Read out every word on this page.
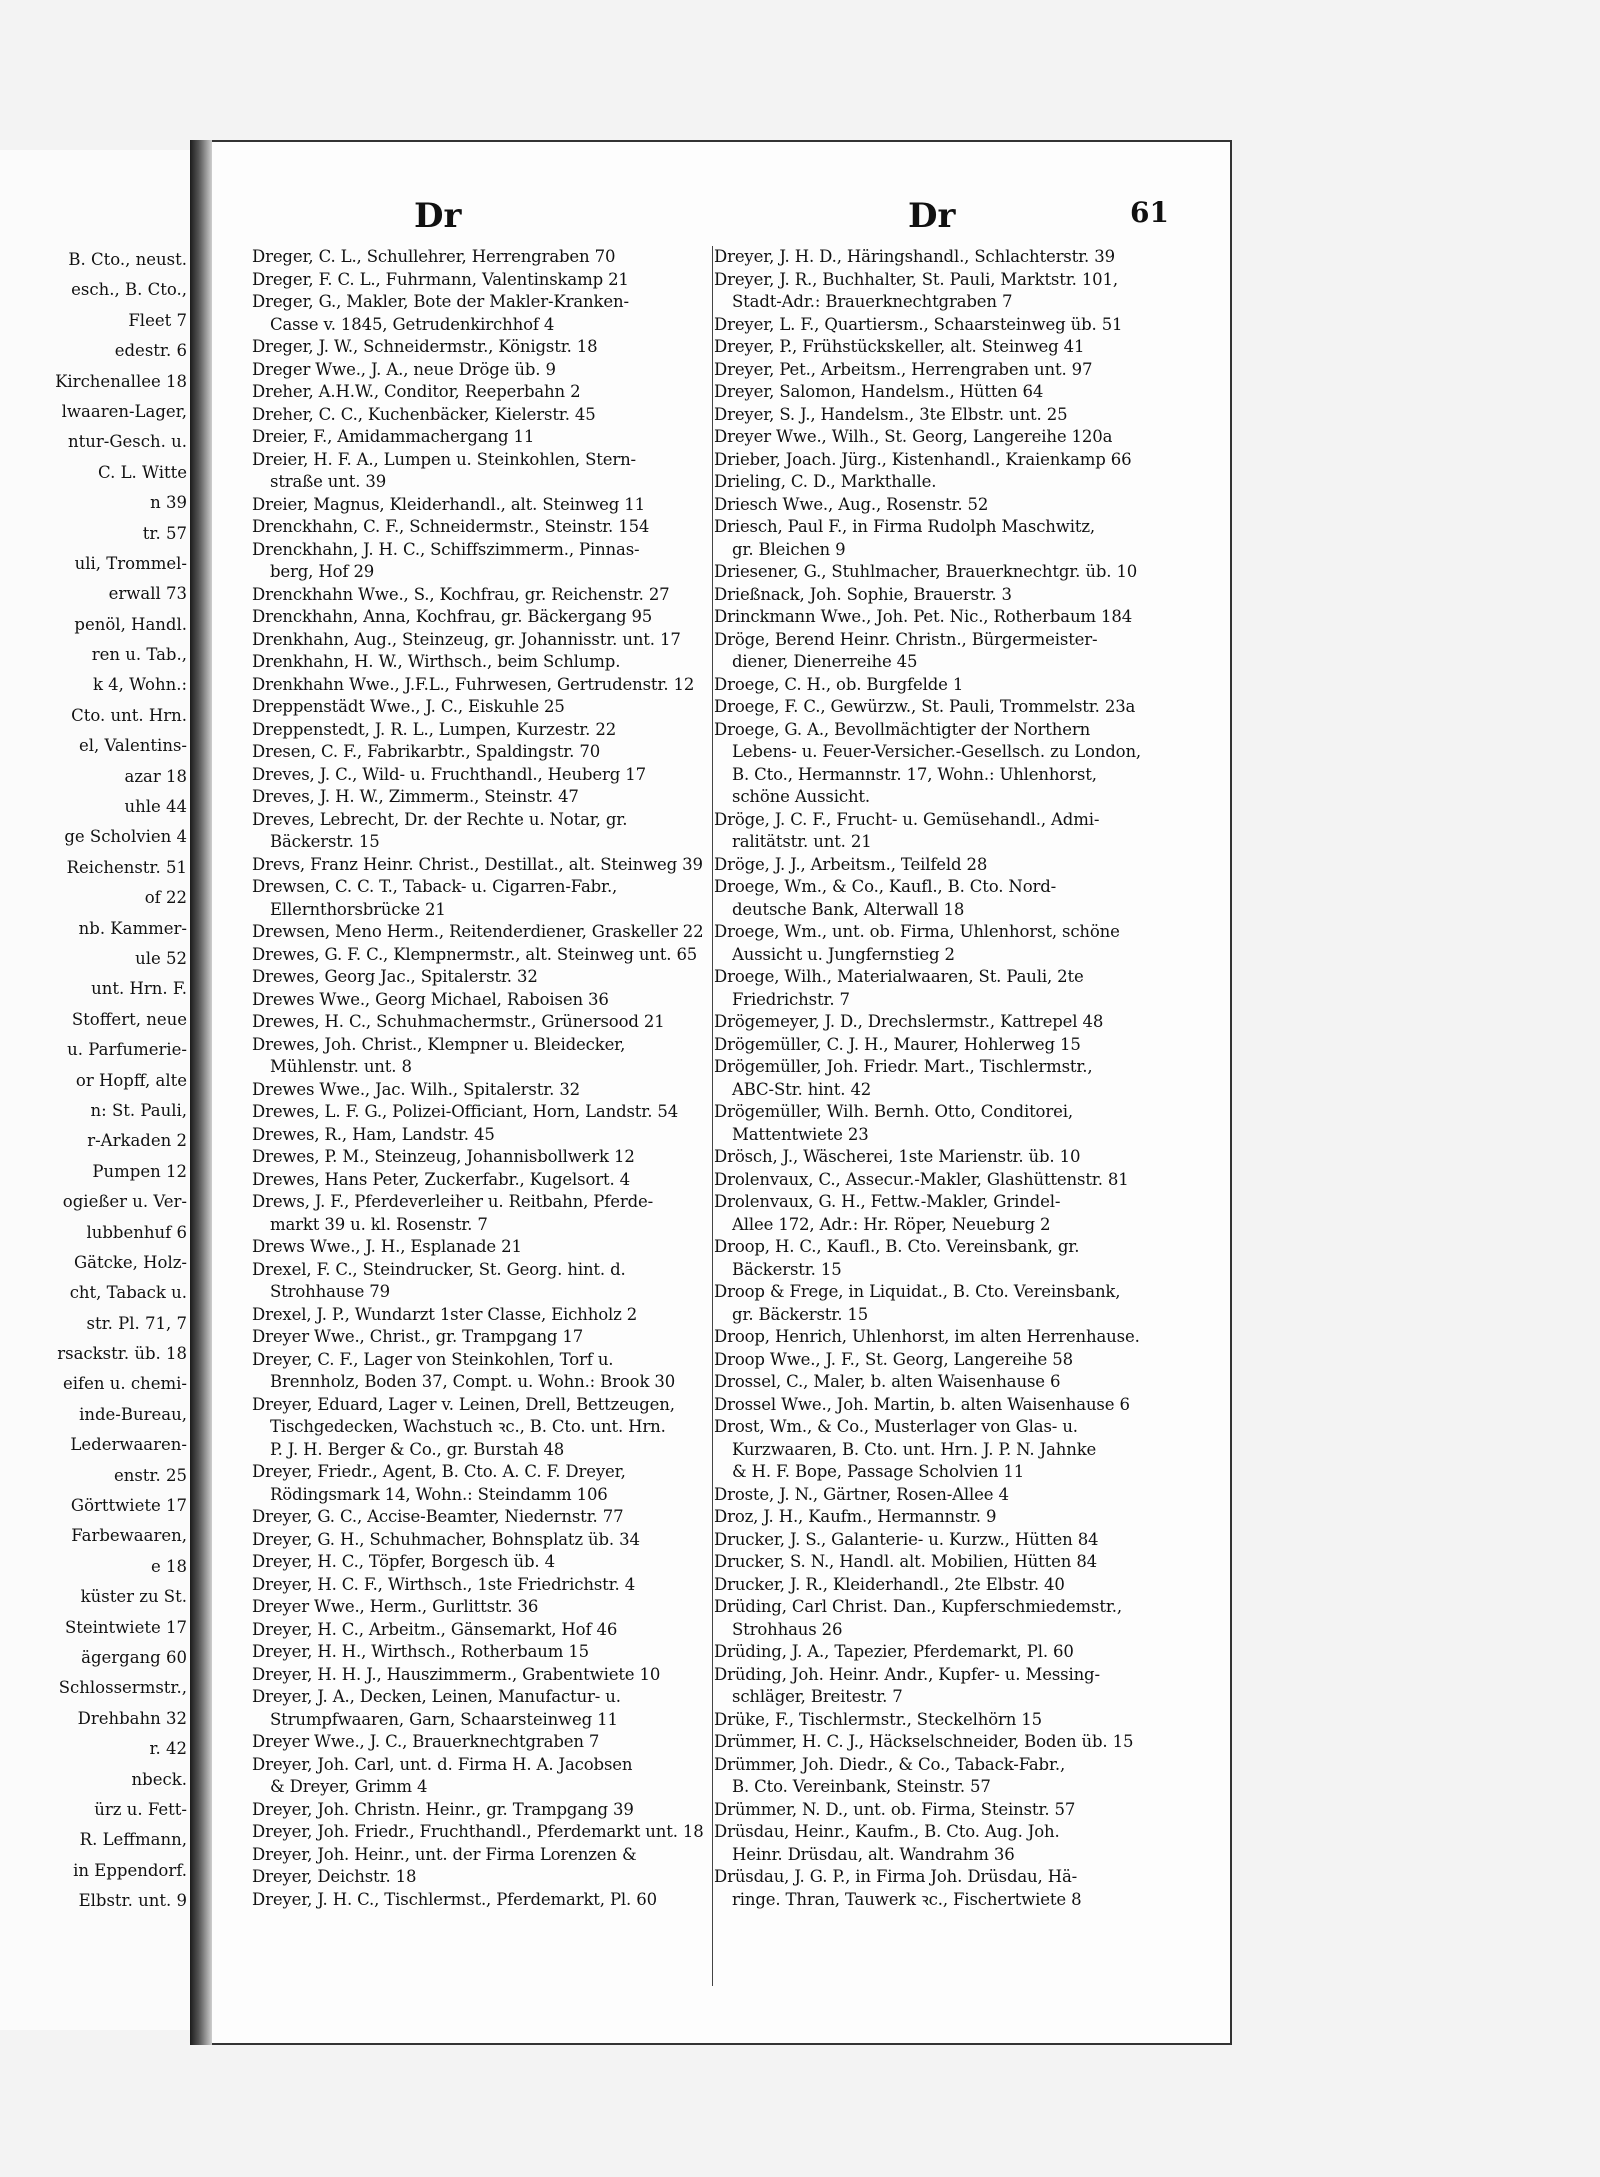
B. Cto., neust.
esch., B. Cto.,
Fleet 7
edestr. 6
Kirchenallee 18
lwaaren-Lager,
ntur-Gesch. u.
C. L. Witte
n 39
tr. 57
uli, Trommel-
erwall 73
penöl, Handl.
ren u. Tab.,
k 4, Wohn.:
Cto. unt. Hrn.
el, Valentins-
azar 18
uhle 44
ge Scholvien 4
Reichenstr. 51
of 22
nb. Kammer-
ule 52
unt. Hrn. F.
Stoffert, neue
u. Parfumerie-
or Hopff, alte
n: St. Pauli,
r-Arkaden 2
Pumpen 12
ogießer u. Ver-
lubbenhuf 6
Gätcke, Holz-
cht, Taback u.
str. Pl. 71, 7
rsackstr. üb. 18
eifen u. chemi-
inde-Bureau,
Lederwaaren-
enstr. 25
Görttwiete 17
Farbewaaren,
e 18
küster zu St.
Steintwiete 17
ägergang 60
Schlossermstr.,
Drehbahn 32
r. 42
nbeck.
ürz u. Fett-
R. Leffmann,
in Eppendorf.
Elbstr. unt. 9
Dr	Dr	61
Dreger, C. L., Schullehrer, Herrengraben 70
Dreger, F. C. L., Fuhrmann, Valentinskamp 21
Dreger, G., Makler, Bote der Makler-Kranken-
Casse v. 1845, Getrudenkirchhof 4
Dreger, J. W., Schneidermstr., Königstr. 18
Dreger Wwe., J. A., neue Dröge üb. 9
Dreher, A.H.W., Conditor, Reeperbahn 2
Dreher, C. C., Kuchenbäcker, Kielerstr. 45
Dreier, F., Amidammachergang 11
Dreier, H. F. A., Lumpen u. Steinkohlen, Stern-
straße unt. 39
Dreier, Magnus, Kleiderhandl., alt. Steinweg 11
Drenckhahn, C. F., Schneidermstr., Steinstr. 154
Drenckhahn, J. H. C., Schiffszimmerm., Pinnas-
berg, Hof 29
Drenckhahn Wwe., S., Kochfrau, gr. Reichenstr. 27
Drenckhahn, Anna, Kochfrau, gr. Bäckergang 95
Drenkhahn, Aug., Steinzeug, gr. Johannisstr. unt. 17
Drenkhahn, H. W., Wirthsch., beim Schlump.
Drenkhahn Wwe., J.F.L., Fuhrwesen, Gertrudenstr. 12
Dreppenstädt Wwe., J. C., Eiskuhle 25
Dreppenstedt, J. R. L., Lumpen, Kurzestr. 22
Dresen, C. F., Fabrikarbtr., Spaldingstr. 70
Dreves, J. C., Wild- u. Fruchthandl., Heuberg 17
Dreves, J. H. W., Zimmerm., Steinstr. 47
Dreves, Lebrecht, Dr. der Rechte u. Notar, gr.
Bäckerstr. 15
Drevs, Franz Heinr. Christ., Destillat., alt. Steinweg 39
Drewsen, C. C. T., Taback- u. Cigarren-Fabr.,
Ellernthorsbrücke 21
Drewsen, Meno Herm., Reitenderdiener, Graskeller 22
Drewes, G. F. C., Klempnermstr., alt. Steinweg unt. 65
Drewes, Georg Jac., Spitalerstr. 32
Drewes Wwe., Georg Michael, Raboisen 36
Drewes, H. C., Schuhmachermstr., Grünersood 21
Drewes, Joh. Christ., Klempner u. Bleidecker,
Mühlenstr. unt. 8
Drewes Wwe., Jac. Wilh., Spitalerstr. 32
Drewes, L. F. G., Polizei-Officiant, Horn, Landstr. 54
Drewes, R., Ham, Landstr. 45
Drewes, P. M., Steinzeug, Johannisbollwerk 12
Drewes, Hans Peter, Zuckerfabr., Kugelsort. 4
Drews, J. F., Pferdeverleiher u. Reitbahn, Pferde-
markt 39 u. kl. Rosenstr. 7
Drews Wwe., J. H., Esplanade 21
Drexel, F. C., Steindrucker, St. Georg. hint. d.
Strohhause 79
Drexel, J. P., Wundarzt 1ster Classe, Eichholz 2
Dreyer Wwe., Christ., gr. Trampgang 17
Dreyer, C. F., Lager von Steinkohlen, Torf u.
Brennholz, Boden 37, Compt. u. Wohn.: Brook 30
Dreyer, Eduard, Lager v. Leinen, Drell, Bettzeugen,
Tischgedecken, Wachstuch ꝛc., B. Cto. unt. Hrn.
P. J. H. Berger & Co., gr. Burstah 48
Dreyer, Friedr., Agent, B. Cto. A. C. F. Dreyer,
Rödingsmark 14, Wohn.: Steindamm 106
Dreyer, G. C., Accise-Beamter, Niedernstr. 77
Dreyer, G. H., Schuhmacher, Bohnsplatz üb. 34
Dreyer, H. C., Töpfer, Borgesch üb. 4
Dreyer, H. C. F., Wirthsch., 1ste Friedrichstr. 4
Dreyer Wwe., Herm., Gurlittstr. 36
Dreyer, H. C., Arbeitm., Gänsemarkt, Hof 46
Dreyer, H. H., Wirthsch., Rotherbaum 15
Dreyer, H. H. J., Hauszimmerm., Grabentwiete 10
Dreyer, J. A., Decken, Leinen, Manufactur- u.
Strumpfwaaren, Garn, Schaarsteinweg 11
Dreyer Wwe., J. C., Brauerknechtgraben 7
Dreyer, Joh. Carl, unt. d. Firma H. A. Jacobsen
& Dreyer, Grimm 4
Dreyer, Joh. Christn. Heinr., gr. Trampgang 39
Dreyer, Joh. Friedr., Fruchthandl., Pferdemarkt unt. 18
Dreyer, Joh. Heinr., unt. der Firma Lorenzen &
Dreyer, Deichstr. 18
Dreyer, J. H. C., Tischlermst., Pferdemarkt, Pl. 60
Dreyer, J. H. D., Häringshandl., Schlachterstr. 39
Dreyer, J. R., Buchhalter, St. Pauli, Marktstr. 101,
Stadt-Adr.: Brauerknechtgraben 7
Dreyer, L. F., Quartiersm., Schaarsteinweg üb. 51
Dreyer, P., Frühstückskeller, alt. Steinweg 41
Dreyer, Pet., Arbeitsm., Herrengraben unt. 97
Dreyer, Salomon, Handelsm., Hütten 64
Dreyer, S. J., Handelsm., 3te Elbstr. unt. 25
Dreyer Wwe., Wilh., St. Georg, Langereihe 120a
Drieber, Joach. Jürg., Kistenhandl., Kraienkamp 66
Drieling, C. D., Markthalle.
Driesch Wwe., Aug., Rosenstr. 52
Driesch, Paul F., in Firma Rudolph Maschwitz,
gr. Bleichen 9
Driesener, G., Stuhlmacher, Brauerknechtgr. üb. 10
Drießnack, Joh. Sophie, Brauerstr. 3
Drinckmann Wwe., Joh. Pet. Nic., Rotherbaum 184
Dröge, Berend Heinr. Christn., Bürgermeister-
diener, Dienerreihe 45
Droege, C. H., ob. Burgfelde 1
Droege, F. C., Gewürzw., St. Pauli, Trommelstr. 23a
Droege, G. A., Bevollmächtigter der Northern
Lebens- u. Feuer-Versicher.-Gesellsch. zu London,
B. Cto., Hermannstr. 17, Wohn.: Uhlenhorst,
schöne Aussicht.
Dröge, J. C. F., Frucht- u. Gemüsehandl., Admi-
ralitätstr. unt. 21
Dröge, J. J., Arbeitsm., Teilfeld 28
Droege, Wm., & Co., Kaufl., B. Cto. Nord-
deutsche Bank, Alterwall 18
Droege, Wm., unt. ob. Firma, Uhlenhorst, schöne
Aussicht u. Jungfernstieg 2
Droege, Wilh., Materialwaaren, St. Pauli, 2te
Friedrichstr. 7
Drögemeyer, J. D., Drechslermstr., Kattrepel 48
Drögemüller, C. J. H., Maurer, Hohlerweg 15
Drögemüller, Joh. Friedr. Mart., Tischlermstr.,
ABC-Str. hint. 42
Drögemüller, Wilh. Bernh. Otto, Conditorei,
Mattentwiete 23
Drösch, J., Wäscherei, 1ste Marienstr. üb. 10
Drolenvaux, C., Assecur.-Makler, Glashüttenstr. 81
Drolenvaux, G. H., Fettw.-Makler, Grindel-
Allee 172, Adr.: Hr. Röper, Neueburg 2
Droop, H. C., Kaufl., B. Cto. Vereinsbank, gr.
Bäckerstr. 15
Droop & Frege, in Liquidat., B. Cto. Vereinsbank,
gr. Bäckerstr. 15
Droop, Henrich, Uhlenhorst, im alten Herrenhause.
Droop Wwe., J. F., St. Georg, Langereihe 58
Drossel, C., Maler, b. alten Waisenhause 6
Drossel Wwe., Joh. Martin, b. alten Waisenhause 6
Drost, Wm., & Co., Musterlager von Glas- u.
Kurzwaaren, B. Cto. unt. Hrn. J. P. N. Jahnke
& H. F. Bope, Passage Scholvien 11
Droste, J. N., Gärtner, Rosen-Allee 4
Droz, J. H., Kaufm., Hermannstr. 9
Drucker, J. S., Galanterie- u. Kurzw., Hütten 84
Drucker, S. N., Handl. alt. Mobilien, Hütten 84
Drucker, J. R., Kleiderhandl., 2te Elbstr. 40
Drüding, Carl Christ. Dan., Kupferschmiedemstr.,
Strohhaus 26
Drüding, J. A., Tapezier, Pferdemarkt, Pl. 60
Drüding, Joh. Heinr. Andr., Kupfer- u. Messing-
schläger, Breitestr. 7
Drüke, F., Tischlermstr., Steckelhörn 15
Drümmer, H. C. J., Häckselschneider, Boden üb. 15
Drümmer, Joh. Diedr., & Co., Taback-Fabr.,
B. Cto. Vereinbank, Steinstr. 57
Drümmer, N. D., unt. ob. Firma, Steinstr. 57
Drüsdau, Heinr., Kaufm., B. Cto. Aug. Joh.
Heinr. Drüsdau, alt. Wandrahm 36
Drüsdau, J. G. P., in Firma Joh. Drüsdau, Hä-
ringe. Thran, Tauwerk ꝛc., Fischertwiete 8
